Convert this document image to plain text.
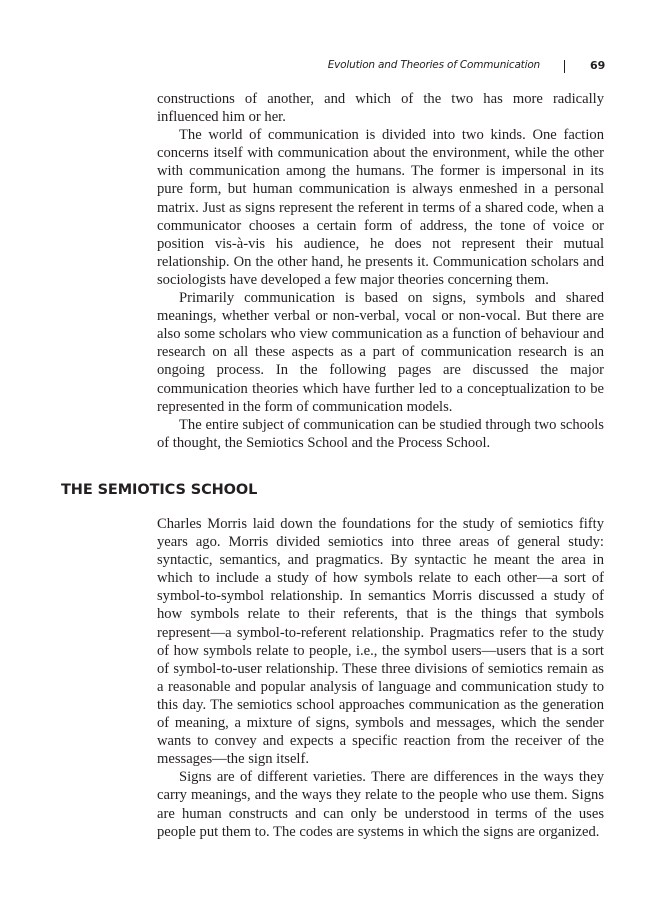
Evolution and Theories of Communication	69

constructions of another, and which of the two has more radically influenced him or her.

The world of communication is divided into two kinds. One faction concerns itself with communication about the environment, while the other with communication among the humans. The former is impersonal in its pure form, but human communication is always enmeshed in a personal matrix. Just as signs represent the referent in terms of a shared code, when a communicator chooses a certain form of address, the tone of voice or position vis-à-vis his audience, he does not represent their mutual relationship. On the other hand, he presents it. Communication scholars and sociologists have developed a few major theories concerning them.

Primarily communication is based on signs, symbols and shared meanings, whether verbal or non-verbal, vocal or non-vocal. But there are also some scholars who view communication as a function of behaviour and research on all these aspects as a part of communication research is an ongoing process. In the following pages are discussed the major communication theories which have further led to a conceptualization to be represented in the form of communication models.

The entire subject of communication can be studied through two schools of thought, the Semiotics School and the Process School.

THE SEMIOTICS SCHOOL

Charles Morris laid down the foundations for the study of semiotics fifty years ago. Morris divided semiotics into three areas of general study: syntactic, semantics, and pragmatics. By syntactic he meant the area in which to include a study of how symbols relate to each other—a sort of symbol-to-symbol relationship. In semantics Morris discussed a study of how symbols relate to their referents, that is the things that symbols represent—a symbol-to-referent relationship. Pragmatics refer to the study of how symbols relate to people, i.e., the symbol users—users that is a sort of symbol-to-user relationship. These three divisions of semiotics remain as a reasonable and popular analysis of language and communication study to this day. The semiotics school approaches communication as the generation of meaning, a mixture of signs, symbols and messages, which the sender wants to convey and expects a specific reaction from the receiver of the messages—the sign itself.

Signs are of different varieties. There are differences in the ways they carry meanings, and the ways they relate to the people who use them. Signs are human constructs and can only be understood in terms of the uses people put them to. The codes are systems in which the signs are organized.
